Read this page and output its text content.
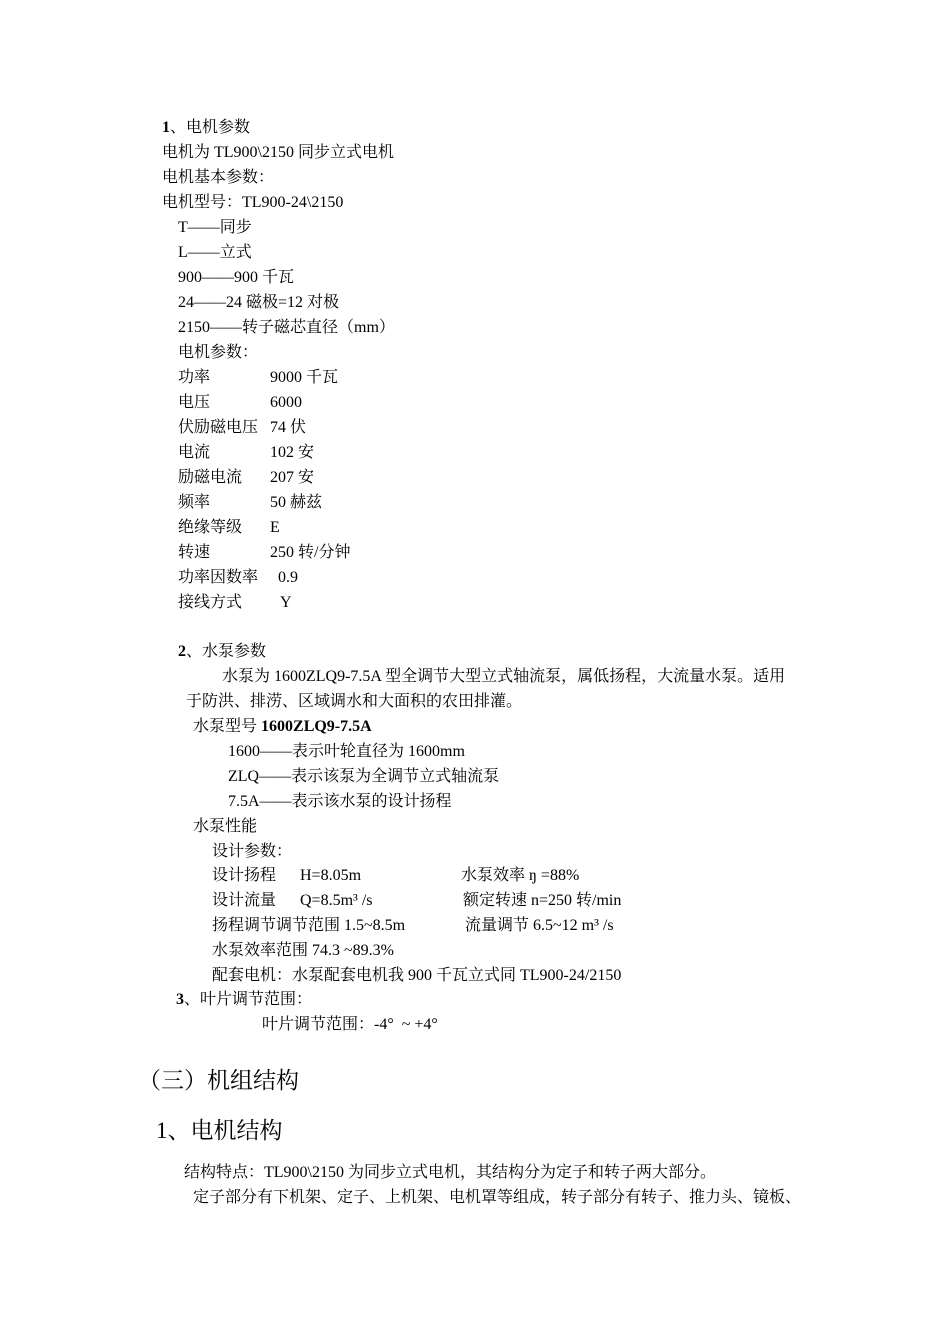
1、电机参数
电机为 TL900\2150 同步立式电机
电机基本参数：
电机型号：TL900-24\2150
T——同步
L——立式
900——900 千瓦
24——24 磁极=12 对极
2150——转子磁芯直径（mm）
电机参数：
功率	9000 千瓦
电压	6000
伏励磁电压 74 伏
电流	102 安
励磁电流 207 安
频率	50 赫兹
绝缘等级 E
转速	250 转/分钟
功率因数率 0.9
接线方式 Y
2、水泵参数
水泵为 1600ZLQ9-7.5A 型全调节大型立式轴流泵，属低扬程，大流量水泵。适用
于防洪、排涝、区域调水和大面积的农田排灌。
水泵型号 1600ZLQ9-7.5A
1600——表示叶轮直径为 1600mm
ZLQ——表示该泵为全调节立式轴流泵
7.5A——表示该水泵的设计扬程
水泵性能
设计参数：
设计扬程      H=8.05m	水泵效率 ŋ =88%
设计流量      Q=8.5m³ /s	额定转速 n=250 转/min
扬程调节调节范围 1.5~8.5m	流量调节 6.5~12 m³ /s
水泵效率范围 74.3 ~89.3%
配套电机：水泵配套电机我 900 千瓦立式同 TL900-24/2150
3、叶片调节范围：
叶片调节范围：-4°  ~ +4°
（三）机组结构
1、电机结构
结构特点：TL900\2150 为同步立式电机，其结构分为定子和转子两大部分。
定子部分有下机架、定子、上机架、电机罩等组成，转子部分有转子、推力头、镜板、
